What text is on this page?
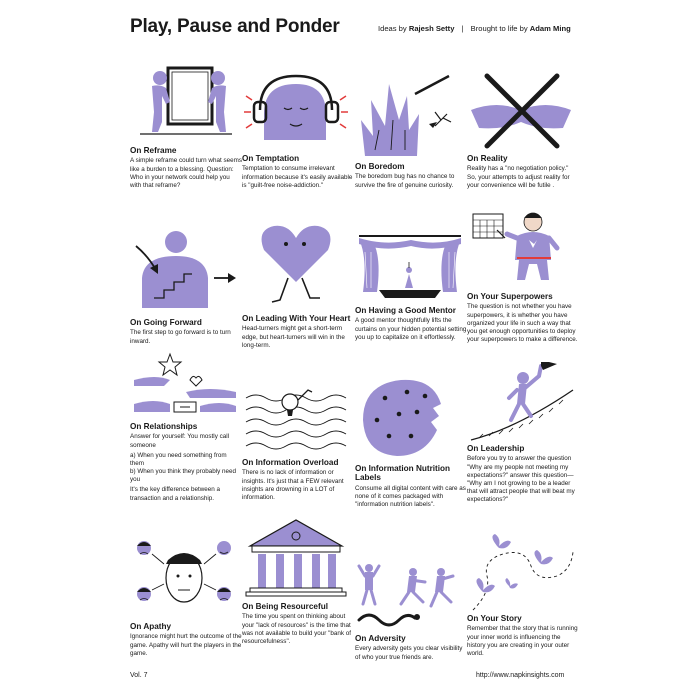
Play, Pause and Ponder	Ideas by Rajesh Setty | Brought to life by Adam Ming
On Reframe

A simple reframe could turn what seems like a burden to a blessing. Question: Who in your network could help you with that reframe?

On Temptation

Temptation to consume irrelevant information because it's easily available is "guilt-free noise-addiction."

On Boredom

The boredom bug has no chance to survive the fire of genuine curiosity.

On Reality

Reality has a "no negotiation policy." So, your attempts to adjust reality for your convenience will be futile .

On Going Forward

The first step to go forward is to turn inward.

On Leading With Your Heart

Head-turners might get a short-term edge, but heart-turners will win in the long-term.

On Having a Good Mentor

A good mentor thoughtfully lifts the curtains on your hidden potential setting you up to capitalize on it effortlessly.

On Your Superpowers

The question is not whether you have superpowers, it is whether you have organized your life in such a way that you get enough opportunities to deploy your superpowers to make a difference.

On Relationships

Answer for yourself: You mostly call someone

a) When you need something from them
b) When you think they probably need you

It's the key difference between a transaction and a relationship.

On Information Overload

There is no lack of information or insights. It's just that a FEW relevant insights are drowning in a LOT of information.

On Information Nutrition Labels

Consume all digital content with care as none of it comes packaged with "information nutrition labels".

On Leadership

Before you try to answer the question "Why are my people not meeting my expectations?" answer this question— "Why am I not growing to be a leader that will attract people that will beat my expectations?"

On Apathy

Ignorance might hurt the outcome of the game. Apathy will hurt the players in the game.

On Being Resourceful

The time you spent on thinking about your "lack of resources" is the time that was not available to build your "bank of resourcefulness".	On Adversity

Every adversity gets you clear visibility of who your true friends are.

On Your Story

Remember that the story that is running your inner world is influencing the history you are creating in your outer world.

Vol. 7	http://www.napkinsights.com
